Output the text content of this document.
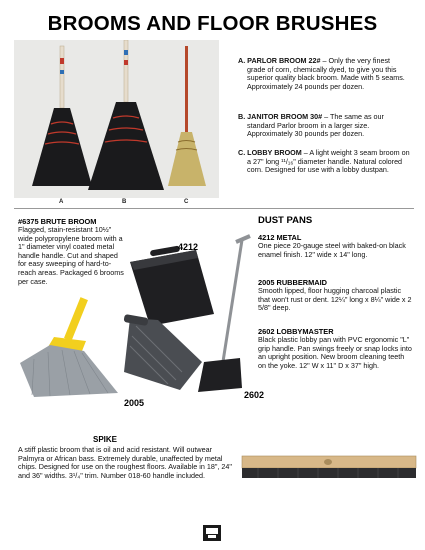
BROOMS AND FLOOR BRUSHES
A	B	C
A. PARLOR BROOM 22# – Only the very finest grade of corn, chemically dyed, to give you this superior quality black broom. Made with 5 seams. Approximately 24 pounds per dozen.
B. JANITOR BROOM 30# – The same as our standard Parlor broom in a larger size. Approximately 30 pounds per dozen.
C. LOBBY BROOM – A light weight 3 seam broom on a 27" long ¹¹/₁₆" diameter handle. Natural colored corn. Designed for use with a lobby dustpan.
#6375 BRUTE BROOM
Flagged, stain-resistant 10½" wide polypropylene broom with a 1" diameter vinyl coated metal handle handle. Cut and shaped for easy sweeping of hard-to-reach areas. Packaged 6 brooms per case.
4212
2005
2602
DUST PANS
4212 METAL
One piece 20-gauge steel with baked-on black enamel finish. 12" wide x 14" long.
2005 RUBBERMAID
Smooth lipped, floor hugging charcoal plastic that won't rust or dent. 12¼" long x 8¼" wide x 2 5/8" deep.
2602 LOBBYMASTER
Black plastic lobby pan with PVC ergonomic "L" grip handle. Pan swings freely or snap locks into an upright position. New broom cleaning teeth on the yoke. 12" W x 11" D x 37" high.
SPIKE
A stiff plastic broom that is oil and acid resistant. Will outwear Palmyra or African bass. Extremely durable, unaffected by metal chips. Designed for use on the roughest floors. Available in 18", 24" and 36" widths. 3¹/₄" trim. Number 018-60 handle included.
